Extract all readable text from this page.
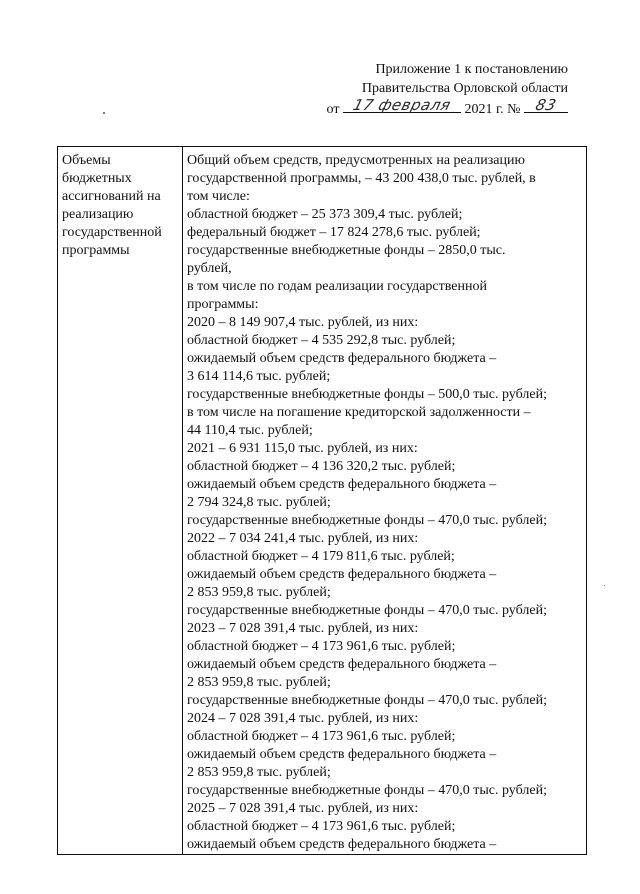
Приложение 1 к постановлению
Правительства Орловской области
от 17 февраля 2021 г. № 83
Объемы бюджетных ассигнований на реализацию государственной программы

Общий объем средств, предусмотренных на реализацию
государственной программы, – 43 200 438,0 тыс. рублей, в
том числе:
областной бюджет – 25 373 309,4 тыс. рублей;
федеральный бюджет – 17 824 278,6 тыс. рублей;
государственные внебюджетные фонды – 2850,0 тыс.
рублей,
в том числе по годам реализации государственной
программы:
2020 – 8 149 907,4 тыс. рублей, из них:
областной бюджет – 4 535 292,8 тыс. рублей;
ожидаемый объем средств федерального бюджета –
3 614 114,6 тыс. рублей;
государственные внебюджетные фонды – 500,0 тыс. рублей;
в том числе на погашение кредиторской задолженности –
44 110,4 тыс. рублей;
2021 – 6 931 115,0 тыс. рублей, из них:
областной бюджет – 4 136 320,2 тыс. рублей;
ожидаемый объем средств федерального бюджета –
2 794 324,8 тыс. рублей;
государственные внебюджетные фонды – 470,0 тыс. рублей;
2022 – 7 034 241,4 тыс. рублей, из них:
областной бюджет – 4 179 811,6 тыс. рублей;
ожидаемый объем средств федерального бюджета –
2 853 959,8 тыс. рублей;
государственные внебюджетные фонды – 470,0 тыс. рублей;
2023 – 7 028 391,4 тыс. рублей, из них:
областной бюджет – 4 173 961,6 тыс. рублей;
ожидаемый объем средств федерального бюджета –
2 853 959,8 тыс. рублей;
государственные внебюджетные фонды – 470,0 тыс. рублей;
2024 – 7 028 391,4 тыс. рублей, из них:
областной бюджет – 4 173 961,6 тыс. рублей;
ожидаемый объем средств федерального бюджета –
2 853 959,8 тыс. рублей;
государственные внебюджетные фонды – 470,0 тыс. рублей;
2025 – 7 028 391,4 тыс. рублей, из них:
областной бюджет – 4 173 961,6 тыс. рублей;
ожидаемый объем средств федерального бюджета –
